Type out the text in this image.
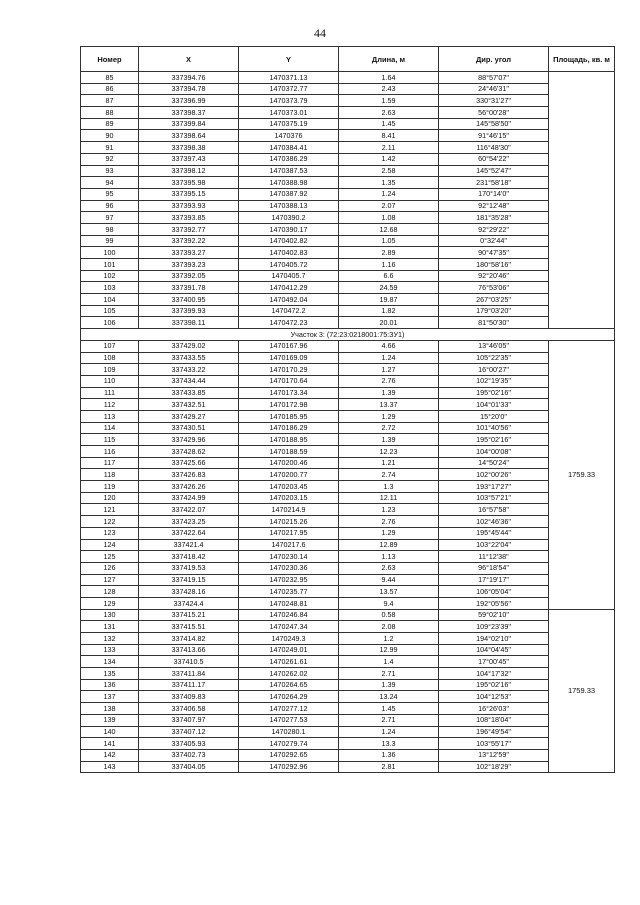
44
Номер	X	Y	Длина, м	Дир. угол	Площадь, кв. м
85	337394.76	1470371.13	1.64	88°57'07"	
86	337394.78	1470372.77	2.43	24°46'31"	
87	337396.99	1470373.79	1.59	330°31'27"	
88	337398.37	1470373.01	2.63	56°00'28"	
89	337399.84	1470375.19	1.45	145°58'50"	
90	337398.64	1470376	8.41	91°46'15"	
91	337398.38	1470384.41	2.11	116°48'30"	
92	337397.43	1470386.29	1.42	60°54'22"	
93	337398.12	1470387.53	2.58	145°52'47"	
94	337395.98	1470388.98	1.35	231°58'18"	
95	337395.15	1470387.92	1.24	170°14'0"	
96	337393.93	1470388.13	2.07	92°12'48"	
97	337393.85	1470390.2	1.08	181°35'28"	
98	337392.77	1470390.17	12.68	92°29'22"	
99	337392.22	1470402.82	1.05	0°32'44"	
100	337393.27	1470402.83	2.89	90°47'35"	
101	337393.23	1470405.72	1.16	180°58'16"	
102	337392.05	1470405.7	6.6	92°20'46"	
103	337391.78	1470412.29	24.59	76°53'06"	
104	337400.95	1470492.04	19.87	267°03'25"	
105	337399.93	1470472.2	1.82	179°03'20"	
106	337398.11	1470472.23	20.01	81°50'30"	
Участок 3: (72:23:0218001:75:ЗУ1)					
107	337429.02	1470167.96	4.66	13°46'05"	1759.33
108	337433.55	1470169.09	1.24	105°22'35"	
109	337433.22	1470170.29	1.27	16°00'27"	
110	337434.44	1470170.64	2.76	102°19'35"	
111	337433.85	1470173.34	1.39	195°02'16"	
112	337432.51	1470172.98	13.37	104°01'33"	
113	337429.27	1470185.95	1.29	15°20'0"	
114	337430.51	1470186.29	2.72	101°40'56"	
115	337429.96	1470188.95	1.39	195°02'16"	
116	337428.62	1470188.59	12.23	104°00'08"	
117	337425.66	1470200.46	1.21	14°50'24"	
118	337426.83	1470200.77	2.74	102°00'26"	
119	337426.26	1470203.45	1.3	193°17'27"	
120	337424.99	1470203.15	12.11	103°57'21"	
121	337422.07	1470214.9	1.23	16°57'58"	
122	337423.25	1470215.26	2.76	102°46'36"	
123	337422.64	1470217.95	1.29	195°45'44"	
124	337421.4	1470217.6	12.89	103°22'04"	
125	337418.42	1470230.14	1.13	11°12'38"	
126	337419.53	1470230.36	2.63	96°18'54"	
127	337419.15	1470232.95	9.44	17°19'17"	
128	337428.16	1470235.77	13.57	106°05'04"	
129	337424.4	1470248.81	9.4	192°05'56"	
130	337415.21	1470246.84	0.58	59°02'10"	1759.33
131	337415.51	1470247.34	2.08	109°23'39"	
132	337414.82	1470249.3	1.2	194°02'10"	
133	337413.66	1470249.01	12.99	104°04'45"	
134	337410.5	1470261.61	1.4	17°00'45"	
135	337411.84	1470262.02	2.71	104°17'32"	
136	337411.17	1470264.65	1.39	195°02'16"	
137	337409.83	1470264.29	13.24	104°12'53"	
138	337406.58	1470277.12	1.45	16°26'03"	
139	337407.97	1470277.53	2.71	108°18'04"	
140	337407.12	1470280.1	1.24	196°49'54"	
141	337405.93	1470279.74	13.3	103°55'17"	
142	337402.73	1470292.65	1.36	13°12'59"	
143	337404.05	1470292.96	2.81	102°18'29"	
